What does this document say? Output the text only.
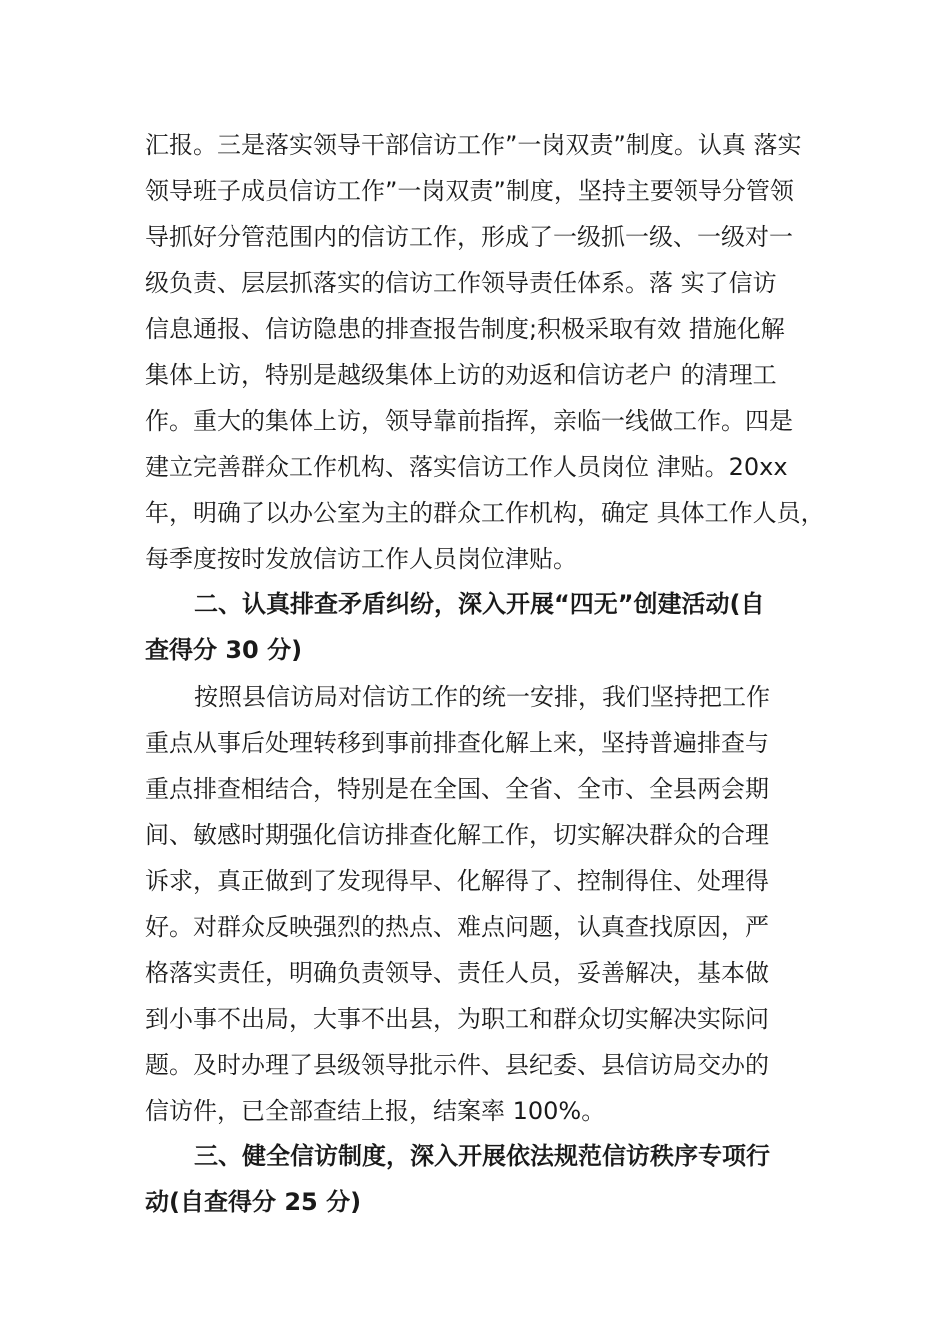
汇报。三是落实领导干部信访工作”一岗双责”制度。认真 落实
领导班子成员信访工作”一岗双责”制度，坚持主要领导分管领
导抓好分管范围内的信访工作，形成了一级抓一级、一级对一
级负责、层层抓落实的信访工作领导责任体系。落 实了信访
信息通报、信访隐患的排查报告制度;积极采取有效 措施化解
集体上访，特别是越级集体上访的劝返和信访老户 的清理工
作。重大的集体上访，领导靠前指挥，亲临一线做工作。四是
建立完善群众工作机构、落实信访工作人员岗位 津贴。20xx
年，明确了以办公室为主的群众工作机构，确定 具体工作人员，
每季度按时发放信访工作人员岗位津贴。
二、认真排查矛盾纠纷，深入开展“四无”创建活动(自
查得分 30 分)
按照县信访局对信访工作的统一安排，我们坚持把工作
重点从事后处理转移到事前排查化解上来，坚持普遍排查与
重点排查相结合，特别是在全国、全省、全市、全县两会期
间、敏感时期强化信访排查化解工作，切实解决群众的合理
诉求，真正做到了发现得早、化解得了、控制得住、处理得
好。对群众反映强烈的热点、难点问题，认真查找原因，严
格落实责任，明确负责领导、责任人员，妥善解决，基本做
到小事不出局，大事不出县，为职工和群众切实解决实际问
题。及时办理了县级领导批示件、县纪委、县信访局交办的
信访件，已全部查结上报，结案率 100%。
三、健全信访制度，深入开展依法规范信访秩序专项行
动(自查得分 25 分)
